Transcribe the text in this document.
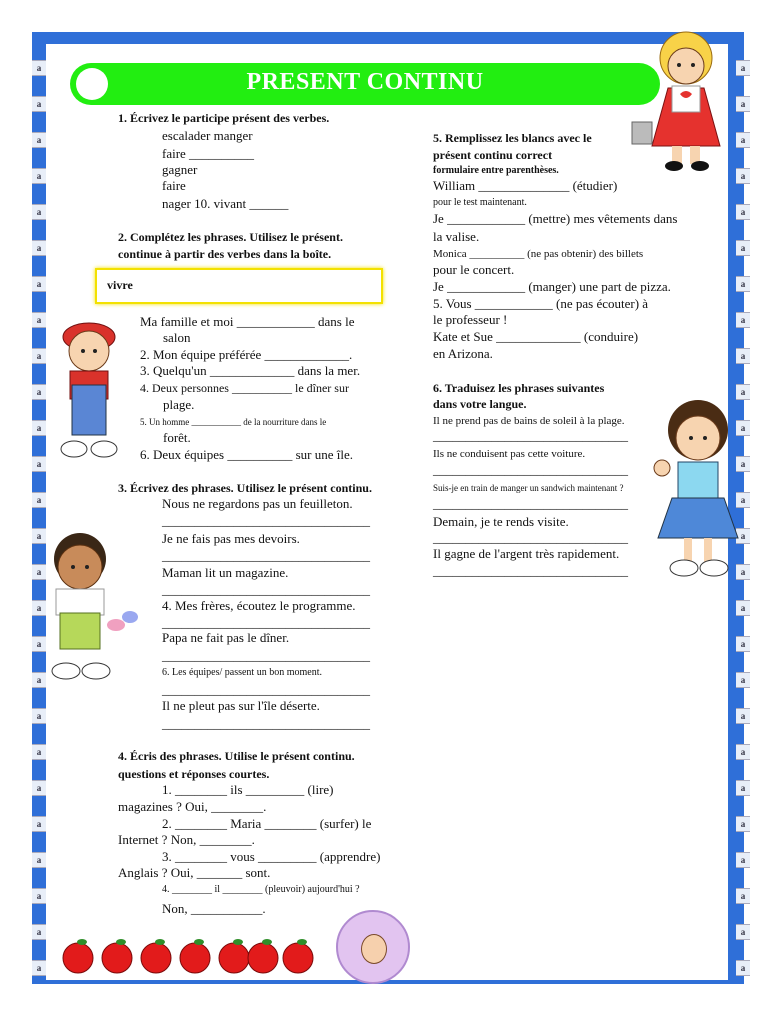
a
a
a
a
a
a
a
a
a
a
a
a
a
a
a
a
a
a
a
a
a
a
a
a
a
a
a
a
a
a
a
a
a
a
a
a
a
a
a
a
a
a
a
a
a
a
a
a
a
a
a
a
PRESENT CONTINU
1. Écrivez le participe présent des verbes.
escalader manger
faire __________
gagner
faire
nager 10. vivant ______
2. Complétez les phrases. Utilisez le présent.
continue à partir des verbes dans la boîte.
vivre
Ma famille et moi ____________ dans le
salon
2. Mon équipe préférée _____________.
3. Quelqu'un _____________ dans la mer.
4. Deux personnes __________ le dîner sur
plage.
5. Un homme ___________ de la nourriture dans le
forêt.
6. Deux équipes __________ sur une île.
3. Écrivez des phrases. Utilisez le présent continu.
Nous ne regardons pas un feuilleton.
________________________________
Je ne fais pas mes devoirs.
________________________________
Maman lit un magazine.
________________________________
4. Mes frères, écoutez le programme.
________________________________
Papa ne fait pas le dîner.
________________________________
6. Les équipes/ passent un bon moment.
________________________________
Il ne pleut pas sur l'île déserte.
________________________________
4. Écris des phrases. Utilise le présent continu.
questions et réponses courtes.
1. ________ ils _________ (lire)
magazines ? Oui, ________.
2. ________ Maria ________ (surfer) le
Internet ? Non, ________.
3. ________ vous _________ (apprendre)
Anglais ? Oui, _______ sont.
4. ________ il ________ (pleuvoir) aujourd'hui ?
Non, ___________.
5. Remplissez les blancs avec le
présent continu correct
formulaire entre parenthèses.
William ______________ (étudier)
pour le test maintenant.
Je ____________ (mettre) mes vêtements dans
la valise.
Monica __________ (ne pas obtenir) des billets
pour le concert.
Je ____________ (manger) une part de pizza.
5. Vous ____________ (ne pas écouter) à
le professeur !
Kate et Sue _____________ (conduire)
en Arizona.
6. Traduisez les phrases suivantes
dans votre langue.
Il ne prend pas de bains de soleil à la plage.
______________________________
Ils ne conduisent pas cette voiture.
______________________________
Suis-je en train de manger un sandwich maintenant ?
______________________________
Demain, je te rends visite.
______________________________
Il gagne de l'argent très rapidement.
______________________________
